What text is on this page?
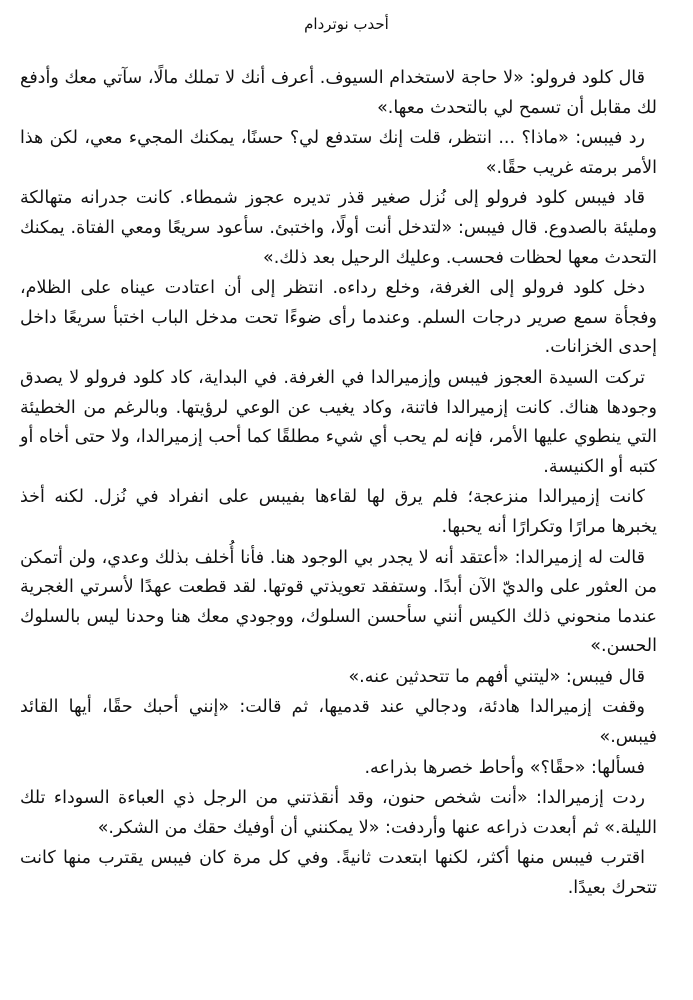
أحدب نوتردام

قال كلود فرولو: «لا حاجة لاستخدام السيوف. أعرف أنك لا تملك مالًا، سآتي معك وأدفع لك مقابل أن تسمح لي بالتحدث معها.»

رد فيبس: «ماذا؟ ... انتظر، قلت إنك ستدفع لي؟ حسنًا، يمكنك المجيء معي، لكن هذا الأمر برمته غريب حقًا.»

قاد فيبس كلود فرولو إلى نُزل صغير قذر تديره عجوز شمطاء. كانت جدرانه متهالكة ومليئة بالصدوع. قال فيبس: «لتدخل أنت أولًا، واختبئ. سأعود سريعًا ومعي الفتاة. يمكنك التحدث معها لحظات فحسب. وعليك الرحيل بعد ذلك.»

دخل كلود فرولو إلى الغرفة، وخلع رداءه. انتظر إلى أن اعتادت عيناه على الظلام، وفجأة سمع صرير درجات السلم. وعندما رأى ضوءًا تحت مدخل الباب اختبأ سريعًا داخل إحدى الخزانات.

تركت السيدة العجوز فيبس وإزميرالدا في الغرفة. في البداية، كاد كلود فرولو لا يصدق وجودها هناك. كانت إزميرالدا فاتنة، وكاد يغيب عن الوعي لرؤيتها. وبالرغم من الخطيئة التي ينطوي عليها الأمر، فإنه لم يحب أي شيء مطلقًا كما أحب إزميرالدا، ولا حتى أخاه أو كتبه أو الكنيسة.

كانت إزميرالدا منزعجة؛ فلم يرق لها لقاءها بفيبس على انفراد في نُزل. لكنه أخذ يخبرها مرارًا وتكرارًا أنه يحبها.

قالت له إزميرالدا: «أعتقد أنه لا يجدر بي الوجود هنا. فأنا أُخلف بذلك وعدي، ولن أتمكن من العثور على والديّ الآن أبدًا. وستفقد تعويذتي قوتها. لقد قطعت عهدًا لأسرتي الغجرية عندما منحوني ذلك الكيس أنني سأحسن السلوك، ووجودي معك هنا وحدنا ليس بالسلوك الحسن.»

قال فيبس: «ليتني أفهم ما تتحدثين عنه.»

وقفت إزميرالدا هادئة، ودجالي عند قدميها، ثم قالت: «إنني أحبك حقًا، أيها القائد فيبس.»

فسألها: «حقًا؟» وأحاط خصرها بذراعه.

ردت إزميرالدا: «أنت شخص حنون، وقد أنقذتني من الرجل ذي العباءة السوداء تلك الليلة.» ثم أبعدت ذراعه عنها وأردفت: «لا يمكنني أن أوفيك حقك من الشكر.»

اقترب فيبس منها أكثر، لكنها ابتعدت ثانيةً. وفي كل مرة كان فيبس يقترب منها كانت تتحرك بعيدًا.
